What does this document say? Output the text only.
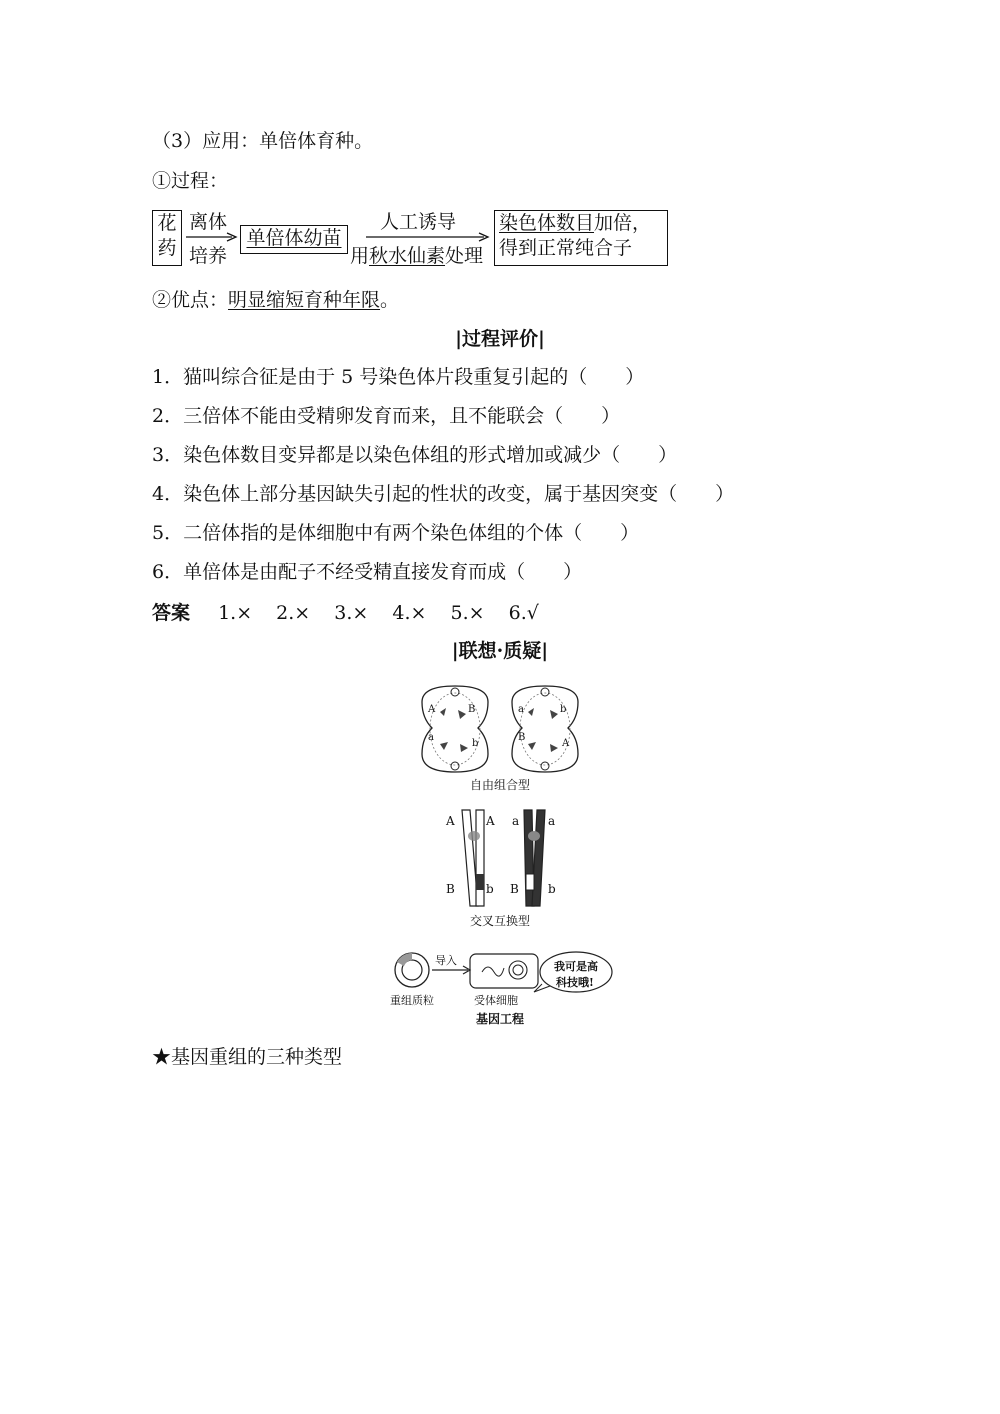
（3）应用：单倍体育种。
①过程：
花
药
离体
培养
单倍体幼苗
人工诱导
用秋水仙素处理
染色体数目加倍，
得到正常纯合子
②优点：明显缩短育种年限。
|过程评价|
1．猫叫综合征是由于 5 号染色体片段重复引起的（　　）
2．三倍体不能由受精卵发育而来，且不能联会（　　）
3．染色体数目变异都是以染色体组的形式增加或减少（　　）
4．染色体上部分基因缺失引起的性状的改变，属于基因突变（　　）
5．二倍体指的是体细胞中有两个染色体组的个体（　　）
6．单倍体是由配子不经受精直接发育而成（　　）
答案 1.× 2.× 3.× 4.× 5.× 6.√
|联想·质疑|
A	B
a
b
a	b
B
A
自由组合型
A	A
B	b
a a
B b
交叉互换型
导入	我可是高
科技哦!
重组质粒	受体细胞
基因工程
★基因重组的三种类型
